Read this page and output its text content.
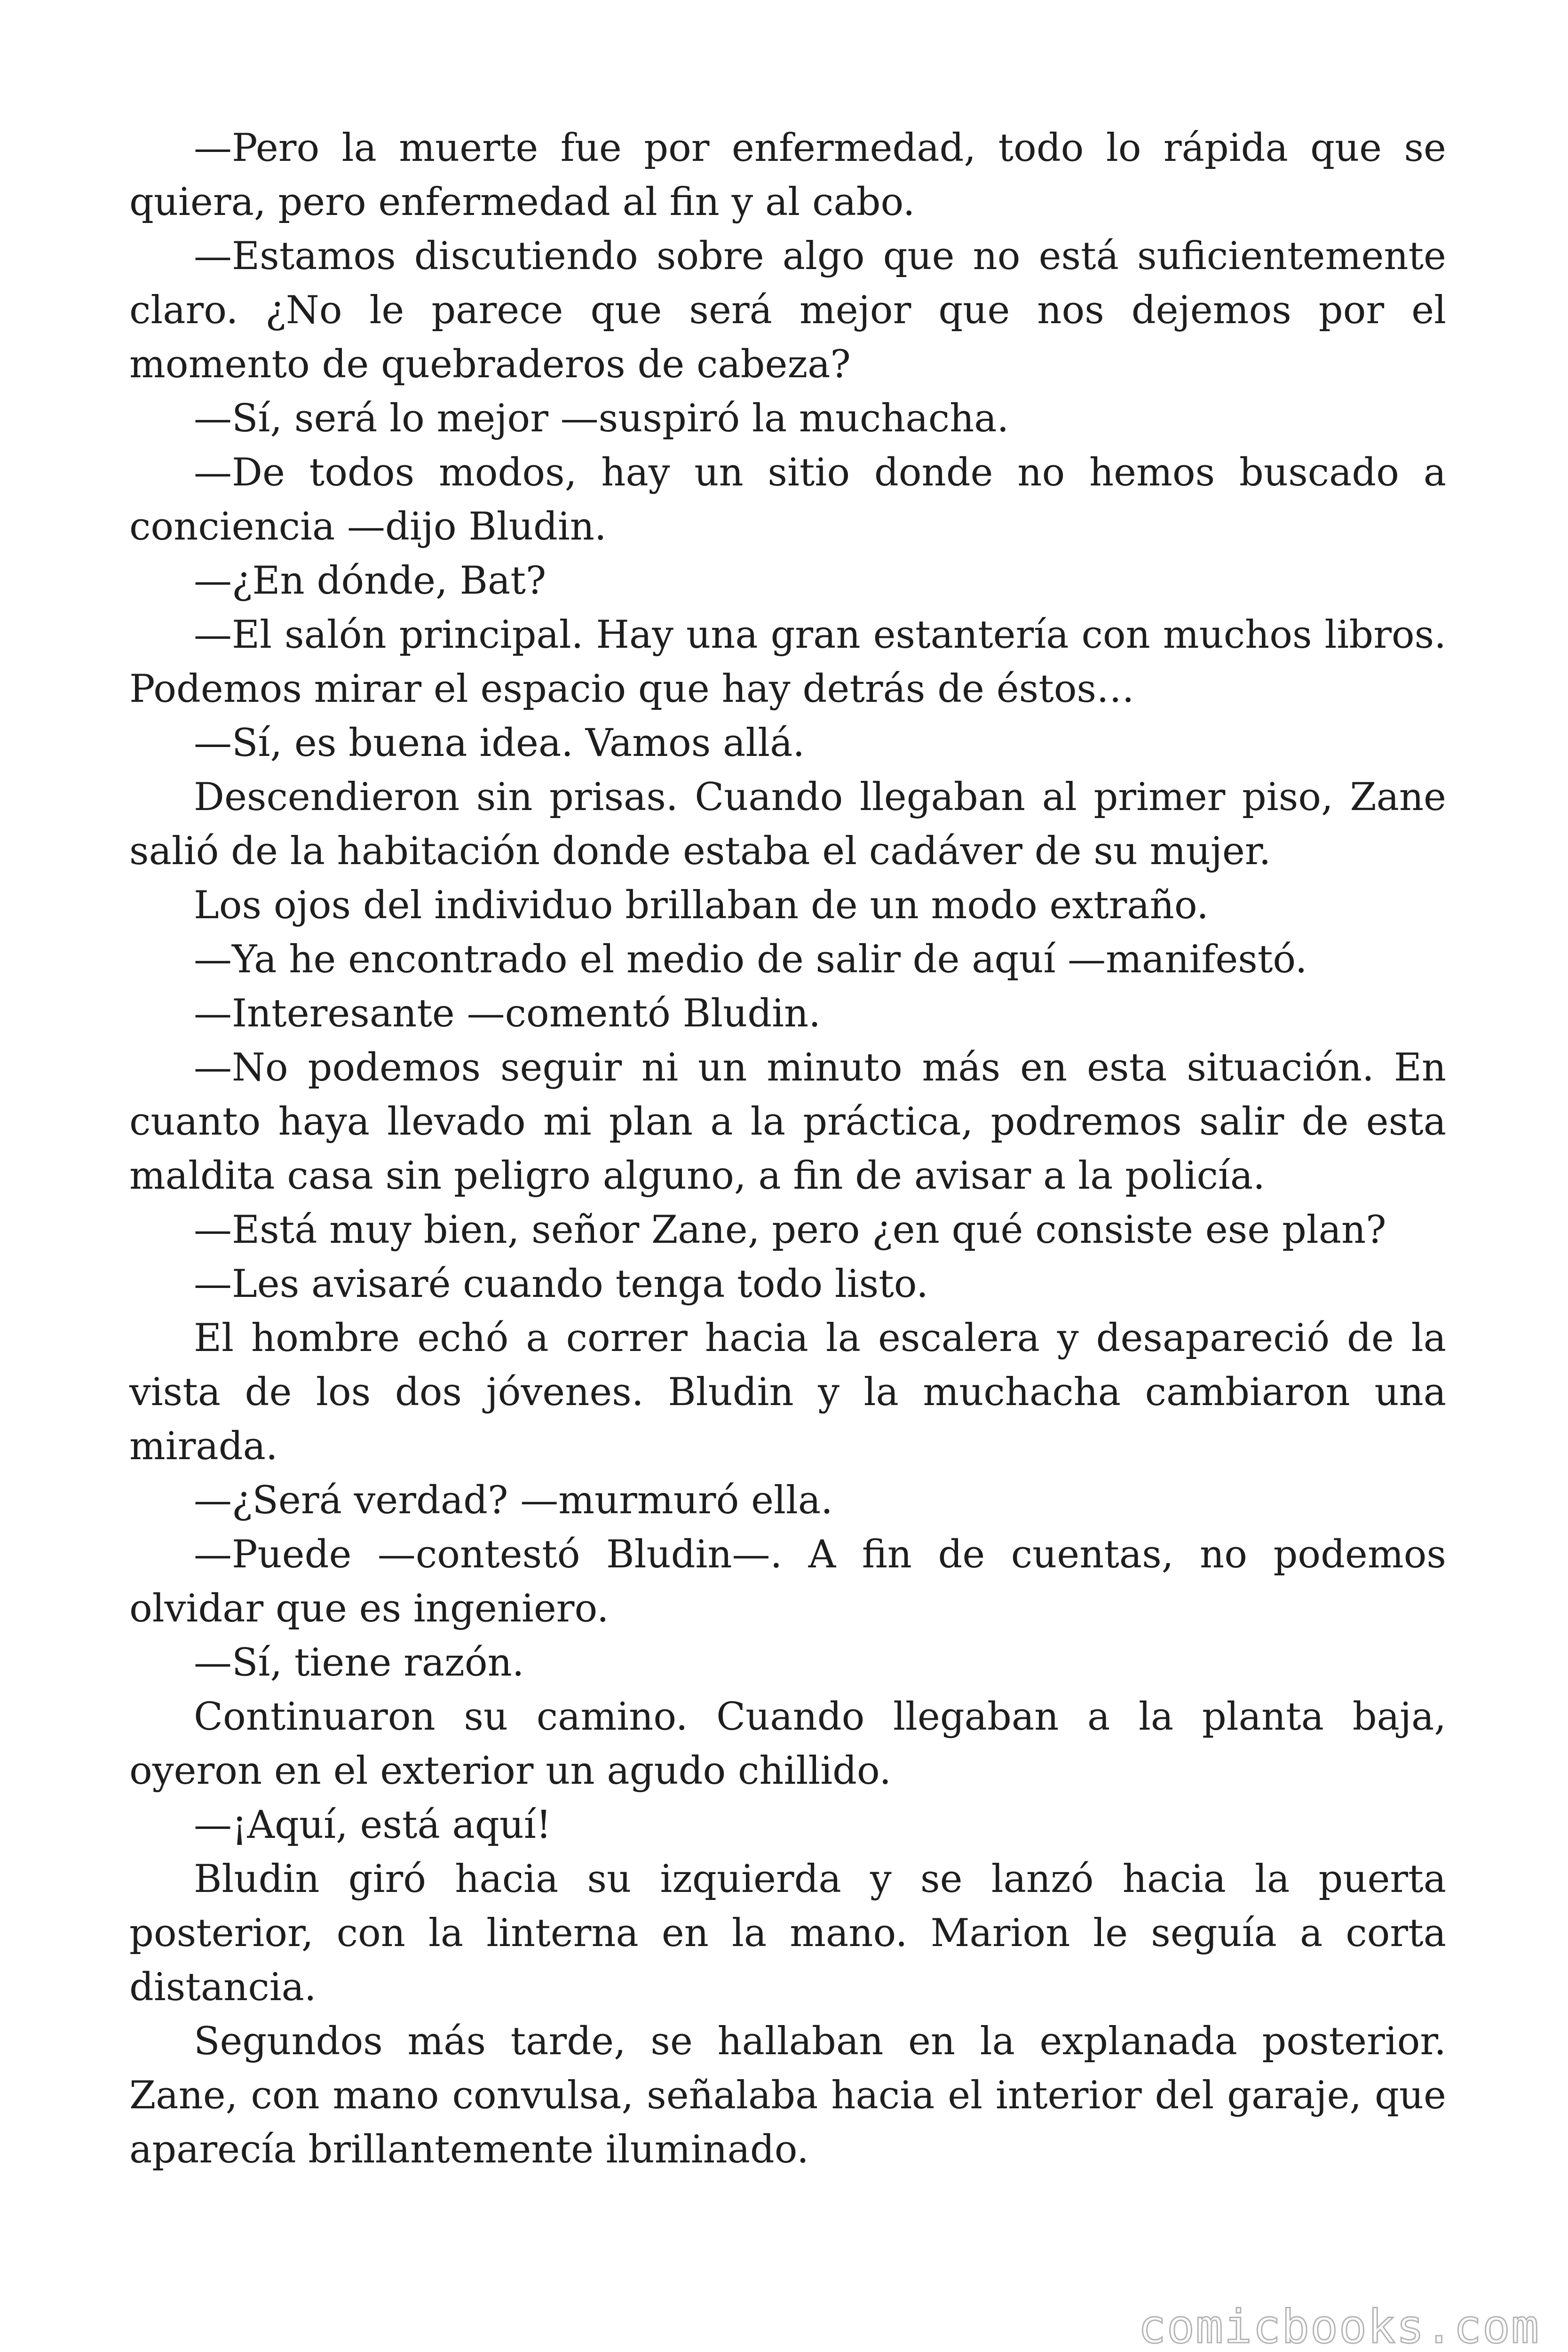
—Pero la muerte fue por enfermedad, todo lo rápida que se quiera, pero enfermedad al fin y al cabo.

—Estamos discutiendo sobre algo que no está suficientemente claro. ¿No le parece que será mejor que nos dejemos por el momento de quebraderos de cabeza?

—Sí, será lo mejor —suspiró la muchacha.

—De todos modos, hay un sitio donde no hemos buscado a conciencia —dijo Bludin.

—¿En dónde, Bat?

—El salón principal. Hay una gran estantería con muchos libros. Podemos mirar el espacio que hay detrás de éstos…

—Sí, es buena idea. Vamos allá.

Descendieron sin prisas. Cuando llegaban al primer piso, Zane salió de la habitación donde estaba el cadáver de su mujer.

Los ojos del individuo brillaban de un modo extraño.

—Ya he encontrado el medio de salir de aquí —manifestó.

—Interesante —comentó Bludin.

—No podemos seguir ni un minuto más en esta situación. En cuanto haya llevado mi plan a la práctica, podremos salir de esta maldita casa sin peligro alguno, a fin de avisar a la policía.

—Está muy bien, señor Zane, pero ¿en qué consiste ese plan?

—Les avisaré cuando tenga todo listo.

El hombre echó a correr hacia la escalera y desapareció de la vista de los dos jóvenes. Bludin y la muchacha cambiaron una mirada.

—¿Será verdad? —murmuró ella.

—Puede —contestó Bludin—. A fin de cuentas, no podemos olvidar que es ingeniero.

—Sí, tiene razón.

Continuaron su camino. Cuando llegaban a la planta baja, oyeron en el exterior un agudo chillido.

—¡Aquí, está aquí!

Bludin giró hacia su izquierda y se lanzó hacia la puerta posterior, con la linterna en la mano. Marion le seguía a corta distancia.

Segundos más tarde, se hallaban en la explanada posterior. Zane, con mano convulsa, señalaba hacia el interior del garaje, que aparecía brillantemente iluminado.

comicbooks.com
